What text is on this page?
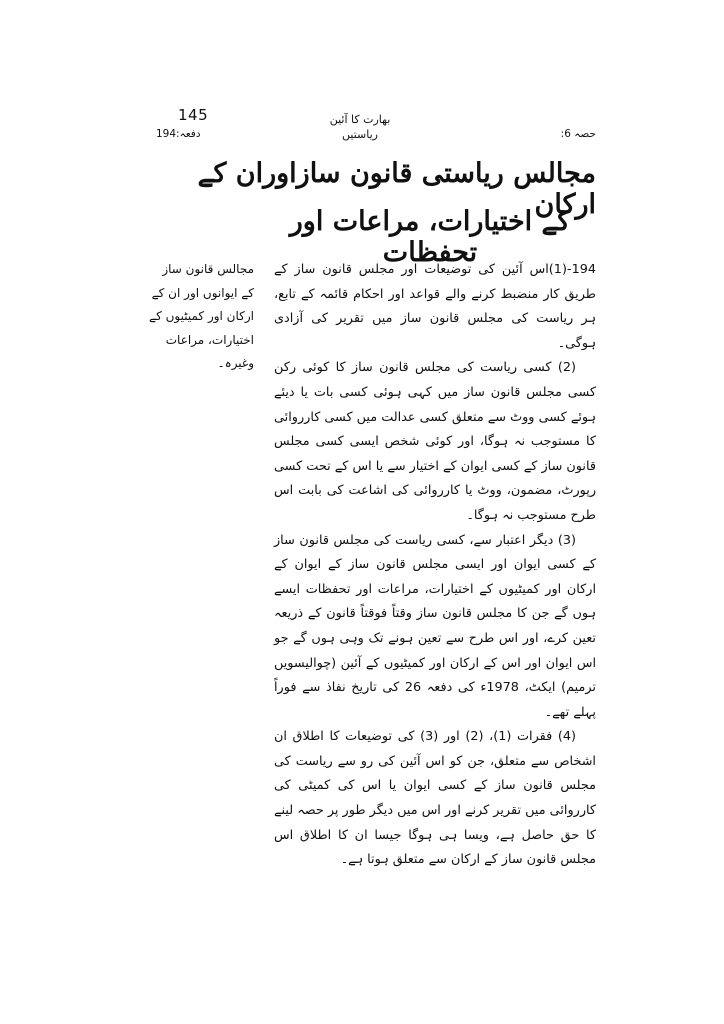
145	بھارت کا آئین
ریاستیں	حصہ 6:
دفعہ:194
مجالس ریاستی قانون سازاوران کے ارکان
کے اختیارات، مراعات اور تحفظات
مجالس قانون ساز کے ایوانوں اور ان کے ارکان اور کمیٹیوں کے اختیارات، مراعات وغیرہ۔

194-(1)اس آئین کی توضیعات اور مجلس قانون ساز کے طریق کار منضبط کرنے والے قواعد اور احکام قائمہ کے تابع، ہر ریاست کی مجلس قانون ساز میں تقریر کی آزادی ہوگی۔

(2) کسی ریاست کی مجلس قانون ساز کا کوئی رکن کسی مجلس قانون ساز میں کہی ہوئی کسی بات یا دیئے ہوئے کسی ووٹ سے متعلق کسی عدالت میں کسی کارروائی کا مستوجب نہ ہوگا، اور کوئی شخص ایسی کسی مجلس قانون ساز کے کسی ایوان کے اختیار سے یا اس کے تحت کسی رپورٹ، مضمون، ووٹ یا کارروائی کی اشاعت کی بابت اس طرح مستوجب نہ ہوگا۔

(3) دیگر اعتبار سے، کسی ریاست کی مجلس قانون ساز کے کسی ایوان اور ایسی مجلس قانون ساز کے ایوان کے ارکان اور کمیٹیوں کے اختیارات، مراعات اور تحفظات ایسے ہوں گے جن کا مجلس قانون ساز وقتاً فوقتاً قانون کے ذریعہ تعین کرے، اور اس طرح سے تعین ہونے تک وہی ہوں گے جو اس ایوان اور اس کے ارکان اور کمیٹیوں کے آئین (چوالیسویں ترمیم) ایکٹ، 1978ء کی دفعہ 26 کی تاریخ نفاذ سے فوراً پہلے تھے۔

(4) فقرات (1)، (2) اور (3) کی توضیعات کا اطلاق ان اشخاص سے متعلق، جن کو اس آئین کی رو سے ریاست کی مجلس قانون ساز کے کسی ایوان یا اس کی کمیٹی کی کارروائی میں تقریر کرنے اور اس میں دیگر طور پر حصہ لینے کا حق حاصل ہے، ویسا ہی ہوگا جیسا ان کا اطلاق اس مجلس قانون ساز کے ارکان سے متعلق ہوتا ہے۔
